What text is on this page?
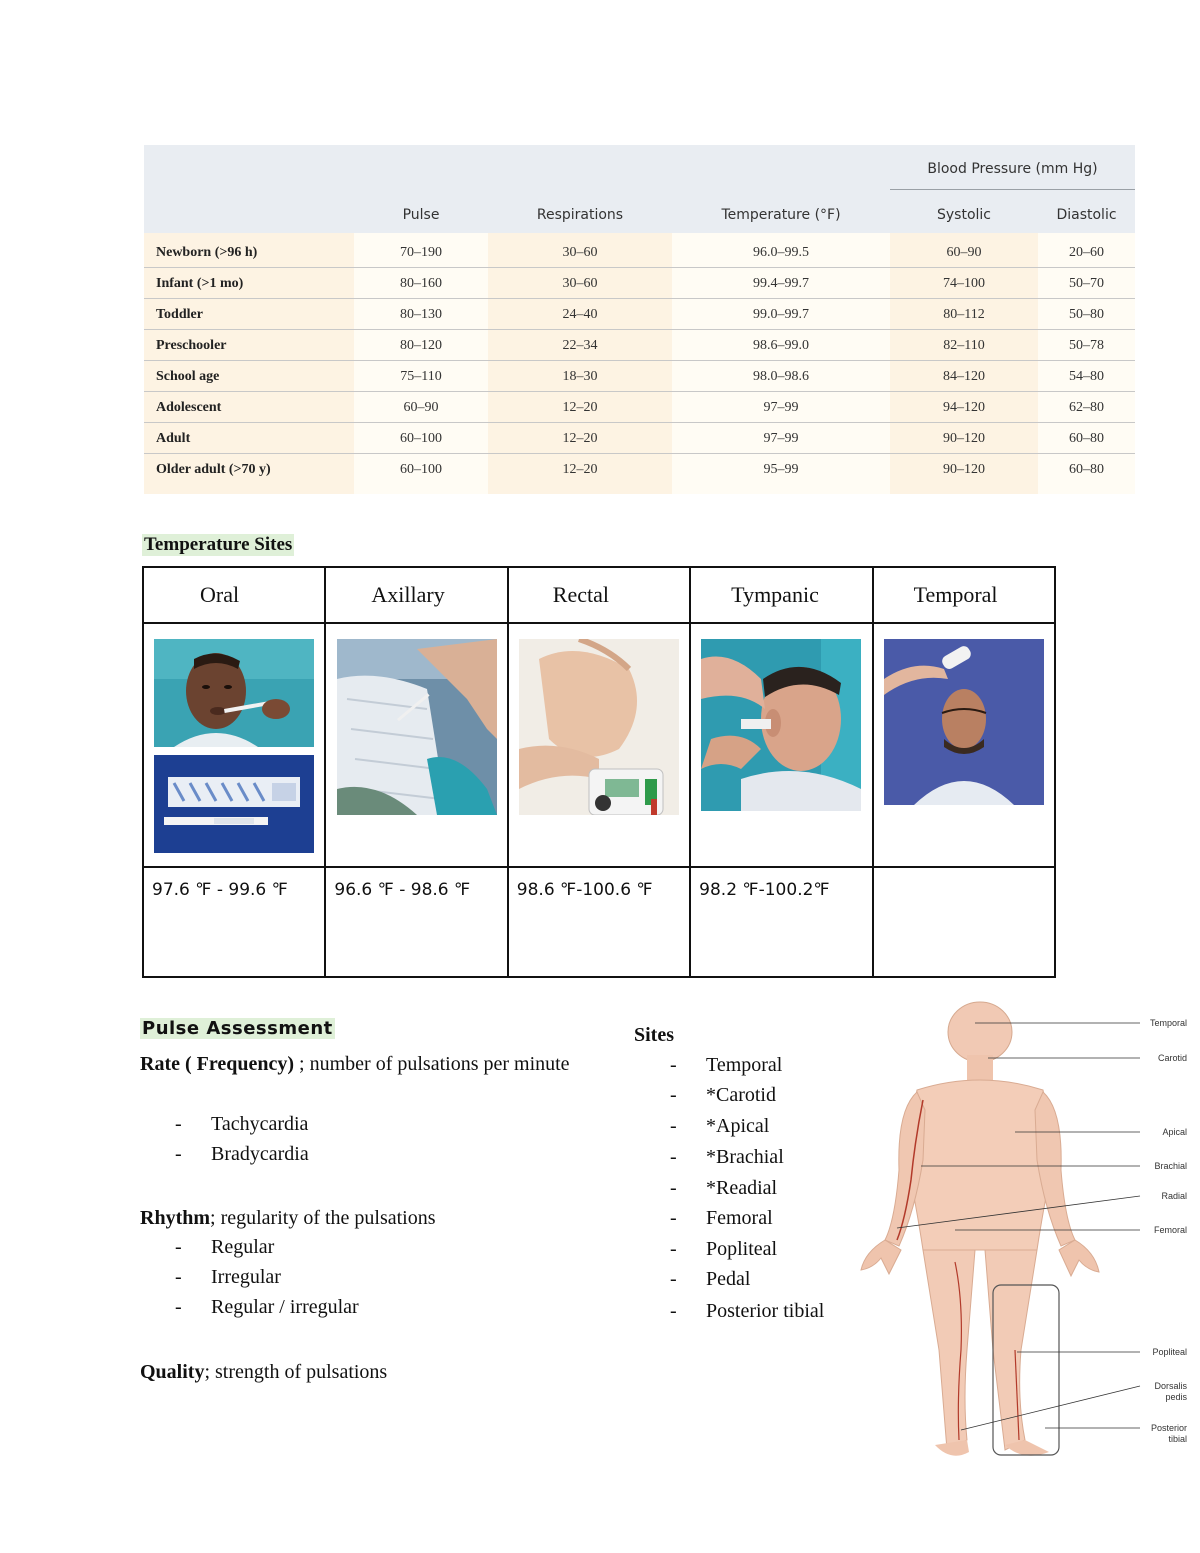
Blood Pressure (mm Hg)
Pulse	Respirations	Temperature (°F)	Systolic	Diastolic
Newborn (>96 h)	70–190	30–60	96.0–99.5	60–90	20–60
Infant (>1 mo)	80–160	30–60	99.4–99.7	74–100	50–70
Toddler	80–130	24–40	99.0–99.7	80–112	50–80
Preschooler	80–120	22–34	98.6–99.0	82–110	50–78
School age	75–110	18–30	98.0–98.6	84–120	54–80
Adolescent	60–90	12–20	97–99	94–120	62–80
Adult	60–100	12–20	97–99	90–120	60–80
Older adult (>70 y)	60–100	12–20	95–99	90–120	60–80
Temperature Sites
Oral	Axillary	Rectal	Tympanic	Temporal

97.6 ℉ - 99.6 ℉	96.6 ℉ - 98.6 ℉	98.6 ℉-100.6 ℉	98.2 ℉-100.2℉	
Pulse Assessment
Rate ( Frequency) ; number of pulsations per minute
- Tachycardia
- Bradycardia
Rhythm; regularity of the pulsations
- Regular
- Irregular
- Regular / irregular
Quality; strength of pulsations
Sites
- Temporal
- *Carotid
- *Apical
- *Brachial
- *Readial
- Femoral
- Popliteal
- Pedal
- Posterior tibial
Temporal
Carotid
Apical
Brachial
Radial
Femoral
Popliteal
Dorsalis
pedis
Posterior
tibial
